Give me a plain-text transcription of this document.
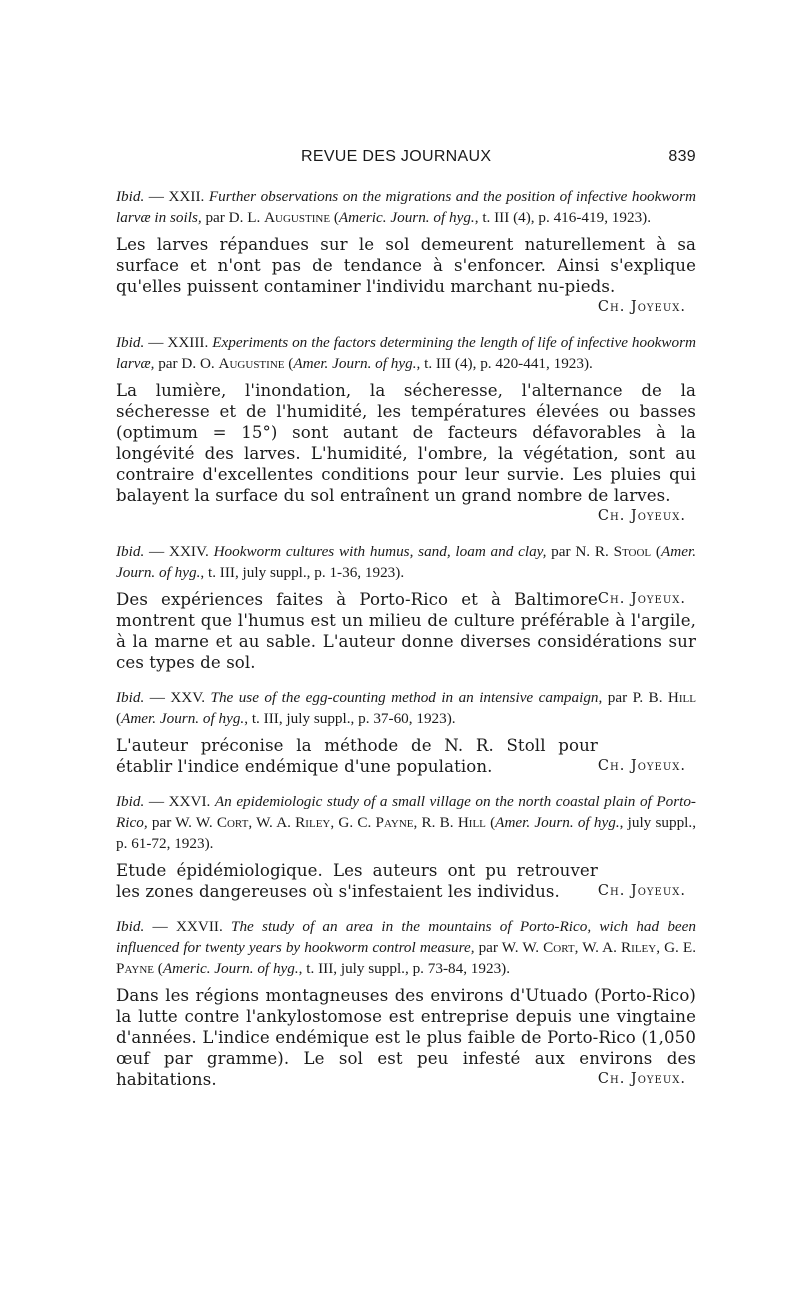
REVUE DES JOURNAUX	839

Ibid. — XXII. Further observations on the migrations and the position of infective hookworm larvæ in soils, par D. L. Augustine (Americ. Journ. of hyg., t. III (4), p. 416-419, 1923).

Les larves répandues sur le sol demeurent naturellement à sa surface et n'ont pas de tendance à s'enfoncer. Ainsi s'explique qu'elles puissent contaminer l'individu marchant nu-pieds.

Ch. Joyeux.

Ibid. — XXIII. Experiments on the factors determining the length of life of infective hookworm larvæ, par D. O. Augustine (Amer. Journ. of hyg., t. III (4), p. 420-441, 1923).

La lumière, l'inondation, la sécheresse, l'alternance de la sécheresse et de l'humidité, les températures élevées ou basses (optimum = 15°) sont autant de facteurs défavorables à la longévité des larves. L'humidité, l'ombre, la végétation, sont au contraire d'excellentes conditions pour leur survie. Les pluies qui balayent la surface du sol entraînent un grand nombre de larves.

Ch. Joyeux.

Ibid. — XXIV. Hookworm cultures with humus, sand, loam and clay, par N. R. Stool (Amer. Journ. of hyg., t. III, july suppl., p. 1-36, 1923).

Ch. Joyeux.
Des expériences faites à Porto-Rico et à Baltimore montrent que l'humus est un milieu de culture préférable à l'argile, à la marne et au sable. L'auteur donne diverses considérations sur ces types de sol.

Ibid. — XXV. The use of the egg-counting method in an intensive campaign, par P. B. Hill (Amer. Journ. of hyg., t. III, july suppl., p. 37-60, 1923).

Ch. Joyeux.
L'auteur préconise la méthode de N. R. Stoll pour établir l'indice endémique d'une population.

Ibid. — XXVI. An epidemiologic study of a small village on the north coastal plain of Porto-Rico, par W. W. Cort, W. A. Riley, G. C. Payne, R. B. Hill (Amer. Journ. of hyg., july suppl., p. 61-72, 1923).

Ch. Joyeux.
Etude épidémiologique. Les auteurs ont pu retrouver les zones dangereuses où s'infestaient les individus.

Ibid. — XXVII. The study of an area in the mountains of Porto-Rico, wich had been influenced for twenty years by hookworm control measure, par W. W. Cort, W. A. Riley, G. E. Payne (Americ. Journ. of hyg., t. III, july suppl., p. 73-84, 1923).

Dans les régions montagneuses des environs d'Utuado (Porto-Rico) la lutte contre l'ankylostomose est entreprise depuis une vingtaine d'années. L'indice endémique est le plus faible de Porto-Rico (1,050 œuf par gramme). Le sol est peu infesté aux environs des habitations.	Ch. Joyeux.
